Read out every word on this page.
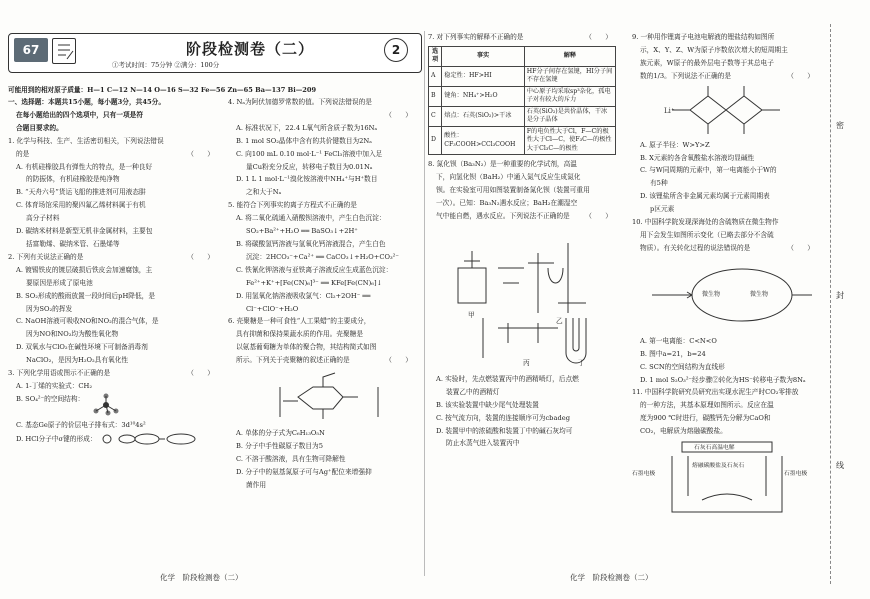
67	阶段检测卷（二）	2
①考试时间：75分钟 ②满分：100分
可能用到的相对原子质量：H—1 C—12 N—14 O—16 S—32 Fe—56 Zn—65 Ba—137 Bi—209

一、选择题：本题共15小题，每小题3分，共45分。

在每小题给出的四个选项中，只有一项是符

合题目要求的。

1. 化学与科技、生产、生活密切相关，下列说法错误

的是	（　　）

A. 有机硅橡胶具有弹性大的特点，是一种良好

的防振体，有机硅橡胶是纯净物

B. “天舟六号”货运飞船的推进剂可用液态肼

C. 体育场馆采用的聚四氟乙烯材料属于有机

高分子材料

D. 碳纳米材料是新型无机非金属材料，主要包

括富勒烯、碳纳米管、石墨烯等

2. 下列有关说法正确的是	（　　）

A. 镀锡铁皮的镀层破损后铁皮会加速腐蚀，主

要原因是形成了原电池

B. SO₂形成的酸雨放置一段时间后pH降低，是

因为SO₂的挥发

C. NaOH溶液可吸收NO和NO₂的混合气体，是

因为NO和NO₂均为酸性氧化物

D. 双氧水与ClO₂在碱性环境下可制备消毒剂

NaClO₂，是因为H₂O₂具有氧化性

3. 下列化学用语或图示不正确的是	（　　）

A. 1-丁烯的实验式：CH₂

B. SO₄²⁻的空间结构：

C. 基态Ge原子的价层电子排布式：3d¹⁰4s²

D. HCl分子中σ键的形成：

4. Nₐ为阿伏加德罗常数的值。下列说法错误的是

（　　）

A. 标准状况下，22.4 L氧气所含质子数为16Nₐ

B. 1 mol SO₂晶体中含有的共价键数目为2Nₐ

C. 向100 mL 0.10 mol·L⁻¹ FeCl₃溶液中加入足

量Cu粉充分反应，转移电子数目为0.01Nₐ

D. 1 L 1 mol·L⁻¹溴化铵溶液中NH₄⁺与H⁺数目

之和大于Nₐ

5. 能符合下列事实的离子方程式不正确的是

A. 将二氧化硫通入硝酸钡溶液中，产生白色沉淀：

SO₂+Ba²⁺+H₂O ══ BaSO₃↓+2H⁺

B. 将碳酸氢钙溶液与氢氧化钙溶液混合，产生白色

沉淀：2HCO₃⁻+Ca²⁺ ══ CaCO₃↓+H₂O+CO₃²⁻

C. 铁氰化钾溶液与亚铁离子溶液反应生成蓝色沉淀：

Fe²⁺+K⁺+[Fe(CN)₆]³⁻ ══ KFe[Fe(CN)₆]↓

D. 用氢氧化钠溶液吸收氯气：Cl₂+2OH⁻ ══

Cl⁻+ClO⁻+H₂O

6. 壳聚糖是一种可食性“人工果蜡”的主要成分，

具有抑菌和保持果蔬水质的作用。壳聚糖是

以氨基葡萄糖为单体的聚合物，其结构简式如图

所示。下列关于壳聚糖的叙述正确的是	（　　）

A. 单体的分子式为C₆H₁₃O₅N

B. 分子中手性碳原子数目为5

C. 不溶于酸溶液，具有生物可降解性

D. 分子中的氨基氮原子可与Ag⁺配位来增强抑

菌作用

7. 对下列事实的解释不正确的是	（　　）

选项	事实	解释
A	稳定性：HF>HI	HF分子间存在氢键，HI分子间不存在氢键
B	键角：NH₄⁺>H₂O	中心原子均采取sp³杂化，孤电子对有较大的斥力
C	熔点：石英(SiO₂)>干冰	石英(SiO₂)是共价晶体，干冰是分子晶体
D	酸性：CF₃COOH>CCl₃COOH	F的电负性大于Cl，F—C的极性大于Cl—C，使F₃C—的极性大于Cl₃C—的极性

8. 氮化钡（Ba₃N₂）是一种重要的化学试剂，高温

下，向氢化钡（BaH₂）中通入氮气反应生成氮化

钡。在实验室可用如图装置制备氮化钡（装置可重用

一次）。已知：Ba₃N₂遇水反应；BaH₂在潮湿空

气中能自燃，遇水反应。下列说法不正确的是 （　　）

甲
乙
丙	丁

A. 实验时，先点燃装置丙中的酒精喷灯，后点燃

装置乙中的酒精灯

B. 该实验装置中缺少尾气处理装置

C. 按气流方向，装置的连接顺序可为cbadeg

D. 装置甲中的浓硫酸和装置丁中的碱石灰均可

防止水蒸气进入装置丙中

9. 一种用作锂离子电池电解液的锂盐结构如图所

示，X、Y、Z、W为原子序数依次增大的短周期主

族元素，W原子的最外层电子数等于其总电子

数的1/3。下列说法不正确的是	（　　）

Li⁺

A. 原子半径：W>Y>Z

B. X元素的各含氧酸盐水溶液均显碱性

C. 与W同周期的元素中，第一电离能小于W的

有5种

D. 该锂盐所含非金属元素均属于元素周期表

p区元素

10. 中国科学院发现深海处的含硫物质在微生物作

用下会发生如图所示变化（已略去部分不含硫

物质）。有关转化过程的说法错误的是	（　　）

微生物	微生物

A. 第一电离能：C<N<O

B. 图中a=21，b=24

C. SCN的空间结构为直线形

D. 1 mol S₂O₃²⁻经步骤②转化为HS⁻转移电子数为8Nₐ

11. 中国科学院研究员研究出实现水泥生产时CO₂零排放

的一种方法，其基本原理如图所示。反应在温

度为900 ℃时进行，碳酸钙先分解为CaO和

CO₂，电解质为熔融碳酸盐。

石灰石高温电解
石墨电极	石墨电极
熔融碳酸盐及石灰石
密
封
线
化学　阶段检测卷（二）	化学　阶段检测卷（二）
